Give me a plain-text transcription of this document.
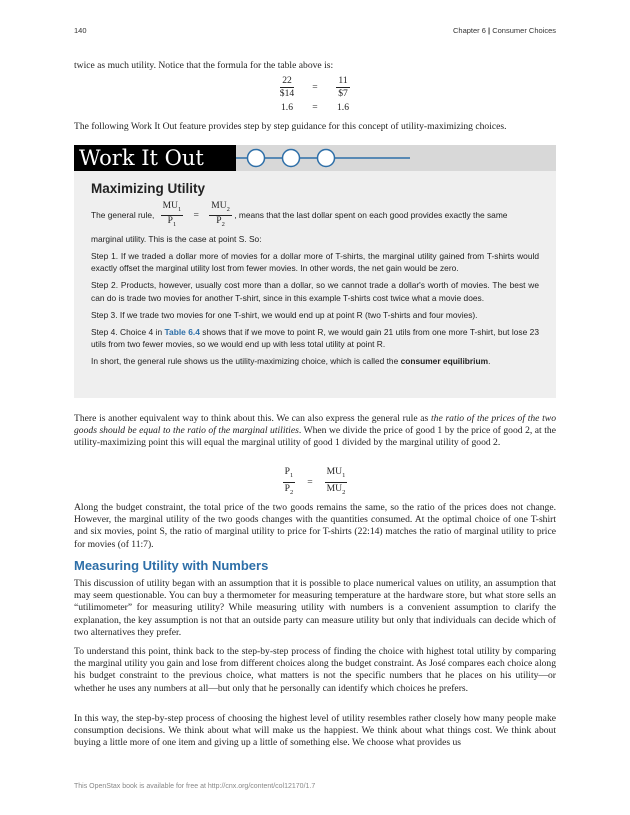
140	Chapter 6 | Consumer Choices

twice as much utility. Notice that the formula for the table above is:

$\frac{22}{\$14}$	=	$\frac{11}{\$7}$
1.6	=	1.6

The following Work It Out feature provides step by step guidance for this concept of utility-maximizing choices.

Work It Out
Maximizing Utility

The general rule, $\frac{MU_1}{P_1} = \frac{MU_2}{P_2}$ , means that the last dollar spent on each good provides exactly the same

marginal utility. This is the case at point S. So:

Step 1. If we traded a dollar more of movies for a dollar more of T-shirts, the marginal utility gained from T-shirts would exactly offset the marginal utility lost from fewer movies. In other words, the net gain would be zero.

Step 2. Products, however, usually cost more than a dollar, so we cannot trade a dollar's worth of movies. The best we can do is trade two movies for another T-shirt, since in this example T-shirts cost twice what a movie does.

Step 3. If we trade two movies for one T-shirt, we would end up at point R (two T-shirts and four movies).

Step 4. Choice 4 in Table 6.4 shows that if we move to point R, we would gain 21 utils from one more T-shirt, but lose 23 utils from two fewer movies, so we would end up with less total utility at point R.

In short, the general rule shows us the utility-maximizing choice, which is called the consumer equilibrium.

There is another equivalent way to think about this. We can also express the general rule as the ratio of the prices of the two goods should be equal to the ratio of the marginal utilities. When we divide the price of good 1 by the price of good 2, at the utility-maximizing point this will equal the marginal utility of good 1 divided by the marginal utility of good 2.

$\frac{P_1}{P_2} = \frac{MU_1}{MU_2}$

Along the budget constraint, the total price of the two goods remains the same, so the ratio of the prices does not change. However, the marginal utility of the two goods changes with the quantities consumed. At the optimal choice of one T-shirt and six movies, point S, the ratio of marginal utility to price for T-shirts (22:14) matches the ratio of marginal utility to price for movies (of 11:7).

Measuring Utility with Numbers

This discussion of utility began with an assumption that it is possible to place numerical values on utility, an assumption that may seem questionable. You can buy a thermometer for measuring temperature at the hardware store, but what store sells an “utilimometer” for measuring utility? While measuring utility with numbers is a convenient assumption to clarify the explanation, the key assumption is not that an outside party can measure utility but only that individuals can decide which of two alternatives they prefer.

To understand this point, think back to the step-by-step process of finding the choice with highest total utility by comparing the marginal utility you gain and lose from different choices along the budget constraint. As José compares each choice along his budget constraint to the previous choice, what matters is not the specific numbers that he places on his utility—or whether he uses any numbers at all—but only that he personally can identify which choices he prefers.

In this way, the step-by-step process of choosing the highest level of utility resembles rather closely how many people make consumption decisions. We think about what will make us the happiest. We think about what things cost. We think about buying a little more of one item and giving up a little of something else. We choose what provides us

This OpenStax book is available for free at http://cnx.org/content/col12170/1.7
